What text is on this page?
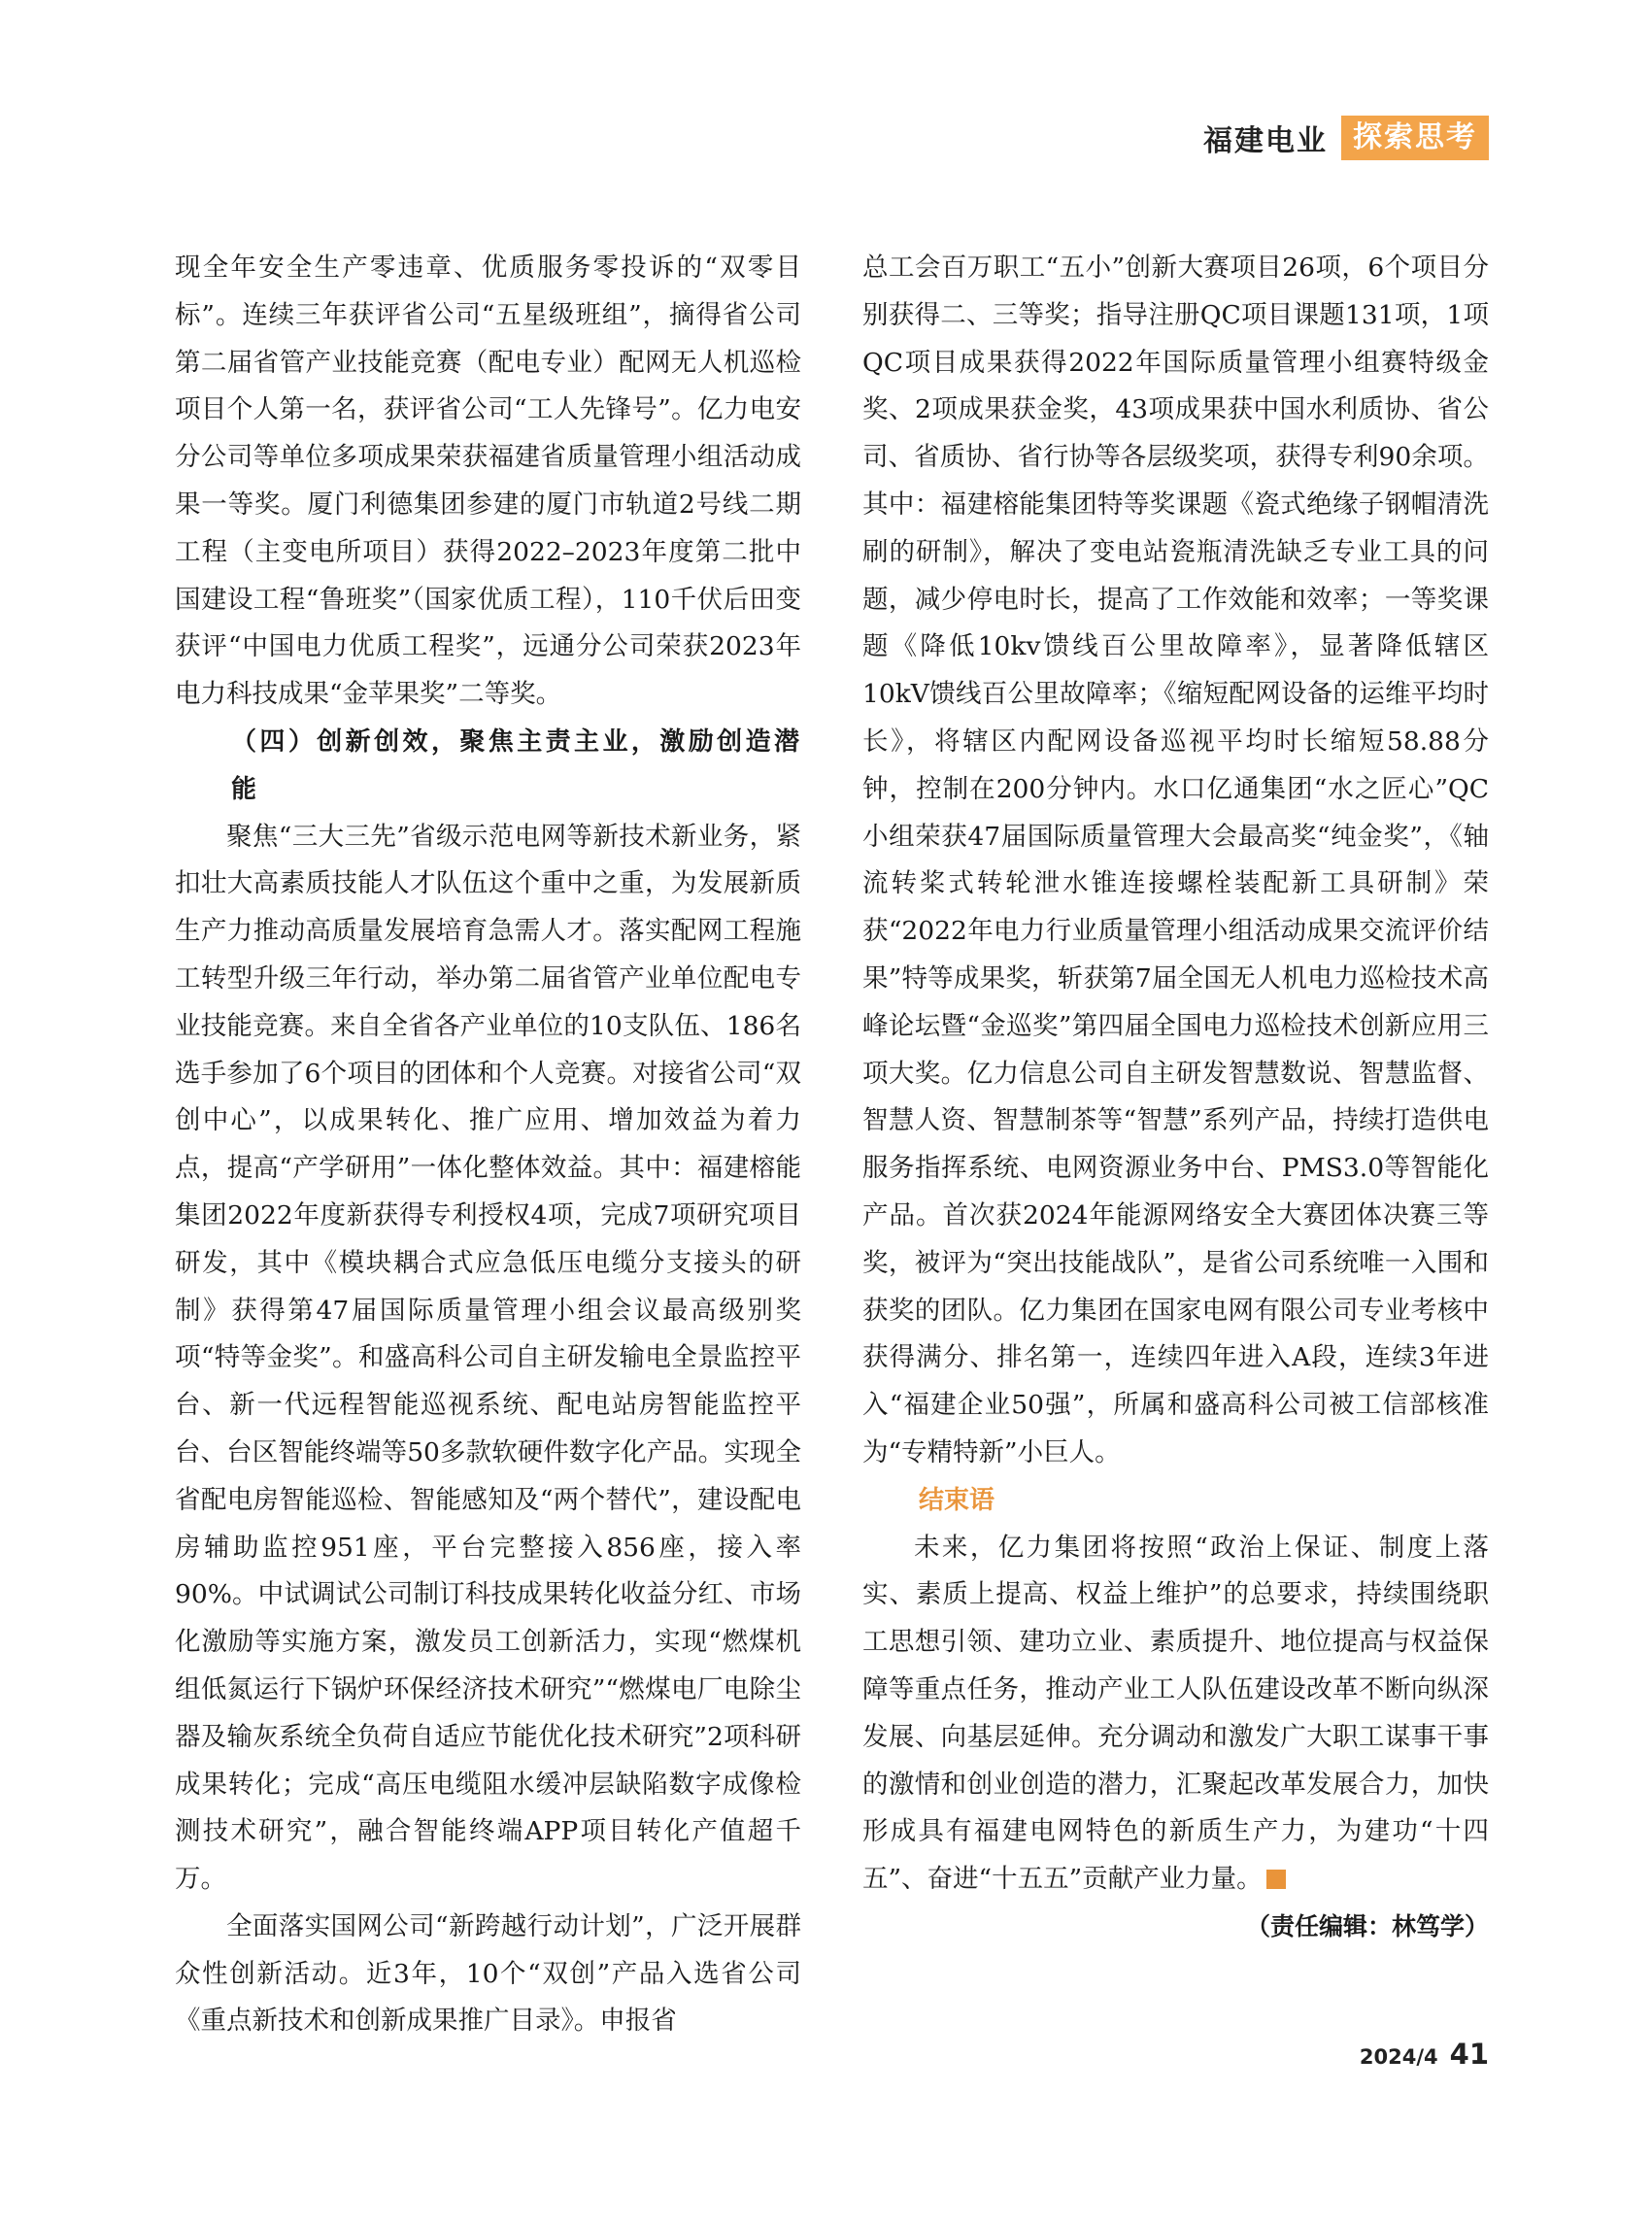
福建电业 探索思考

现全年安全生产零违章、优质服务零投诉的“双零目标”。连续三年获评省公司“五星级班组”，摘得省公司第二届省管产业技能竞赛（配电专业）配网无人机巡检项目个人第一名，获评省公司“工人先锋号”。亿力电安分公司等单位多项成果荣获福建省质量管理小组活动成果一等奖。厦门利德集团参建的厦门市轨道2号线二期工程（主变电所项目）获得2022–2023年度第二批中国建设工程“鲁班奖”（国家优质工程），110千伏后田变获评“中国电力优质工程奖”，远通分公司荣获2023年电力科技成果“金苹果奖”二等奖。

（四）创新创效，聚焦主责主业，激励创造潜能

聚焦“三大三先”省级示范电网等新技术新业务，紧扣壮大高素质技能人才队伍这个重中之重，为发展新质生产力推动高质量发展培育急需人才。落实配网工程施工转型升级三年行动，举办第二届省管产业单位配电专业技能竞赛。来自全省各产业单位的10支队伍、186名选手参加了6个项目的团体和个人竞赛。对接省公司“双创中心”，以成果转化、推广应用、增加效益为着力点，提高“产学研用”一体化整体效益。其中：福建榕能集团2022年度新获得专利授权4项，完成7项研究项目研发，其中《模块耦合式应急低压电缆分支接头的研制》获得第47届国际质量管理小组会议最高级别奖项“特等金奖”。和盛高科公司自主研发输电全景监控平台、新一代远程智能巡视系统、配电站房智能监控平台、台区智能终端等50多款软硬件数字化产品。实现全省配电房智能巡检、智能感知及“两个替代”，建设配电房辅助监控951座，平台完整接入856座，接入率90%。中试调试公司制订科技成果转化收益分红、市场化激励等实施方案，激发员工创新活力，实现“燃煤机组低氮运行下锅炉环保经济技术研究”“燃煤电厂电除尘器及输灰系统全负荷自适应节能优化技术研究”2项科研成果转化；完成“高压电缆阻水缓冲层缺陷数字成像检测技术研究”，融合智能终端APP项目转化产值超千万。

全面落实国网公司“新跨越行动计划”，广泛开展群众性创新活动。近3年，10个“双创”产品入选省公司《重点新技术和创新成果推广目录》。申报省

总工会百万职工“五小”创新大赛项目26项，6个项目分别获得二、三等奖；指导注册QC项目课题131项，1项QC项目成果获得2022年国际质量管理小组赛特级金奖、2项成果获金奖，43项成果获中国水利质协、省公司、省质协、省行协等各层级奖项，获得专利90余项。其中：福建榕能集团特等奖课题《瓷式绝缘子钢帽清洗刷的研制》，解决了变电站瓷瓶清洗缺乏专业工具的问题，减少停电时长，提高了工作效能和效率；一等奖课题《降低10kv馈线百公里故障率》，显著降低辖区10kV馈线百公里故障率；《缩短配网设备的运维平均时长》，将辖区内配网设备巡视平均时长缩短58.88分钟，控制在200分钟内。水口亿通集团“水之匠心”QC小组荣获47届国际质量管理大会最高奖“纯金奖”，《轴流转桨式转轮泄水锥连接螺栓装配新工具研制》荣获“2022年电力行业质量管理小组活动成果交流评价结果”特等成果奖，斩获第7届全国无人机电力巡检技术高峰论坛暨“金巡奖”第四届全国电力巡检技术创新应用三项大奖。亿力信息公司自主研发智慧数说、智慧监督、智慧人资、智慧制茶等“智慧”系列产品，持续打造供电服务指挥系统、电网资源业务中台、PMS3.0等智能化产品。首次获2024年能源网络安全大赛团体决赛三等奖，被评为“突出技能战队”，是省公司系统唯一入围和获奖的团队。亿力集团在国家电网有限公司专业考核中获得满分、排名第一，连续四年进入A段，连续3年进入“福建企业50强”，所属和盛高科公司被工信部核准为“专精特新”小巨人。

结束语

未来，亿力集团将按照“政治上保证、制度上落实、素质上提高、权益上维护”的总要求，持续围绕职工思想引领、建功立业、素质提升、地位提高与权益保障等重点任务，推动产业工人队伍建设改革不断向纵深发展、向基层延伸。充分调动和激发广大职工谋事干事的激情和创业创造的潜力，汇聚起改革发展合力，加快形成具有福建电网特色的新质生产力，为建功“十四五”、奋进“十五五”贡献产业力量。

（责任编辑：林笃学）

2024/4 41
